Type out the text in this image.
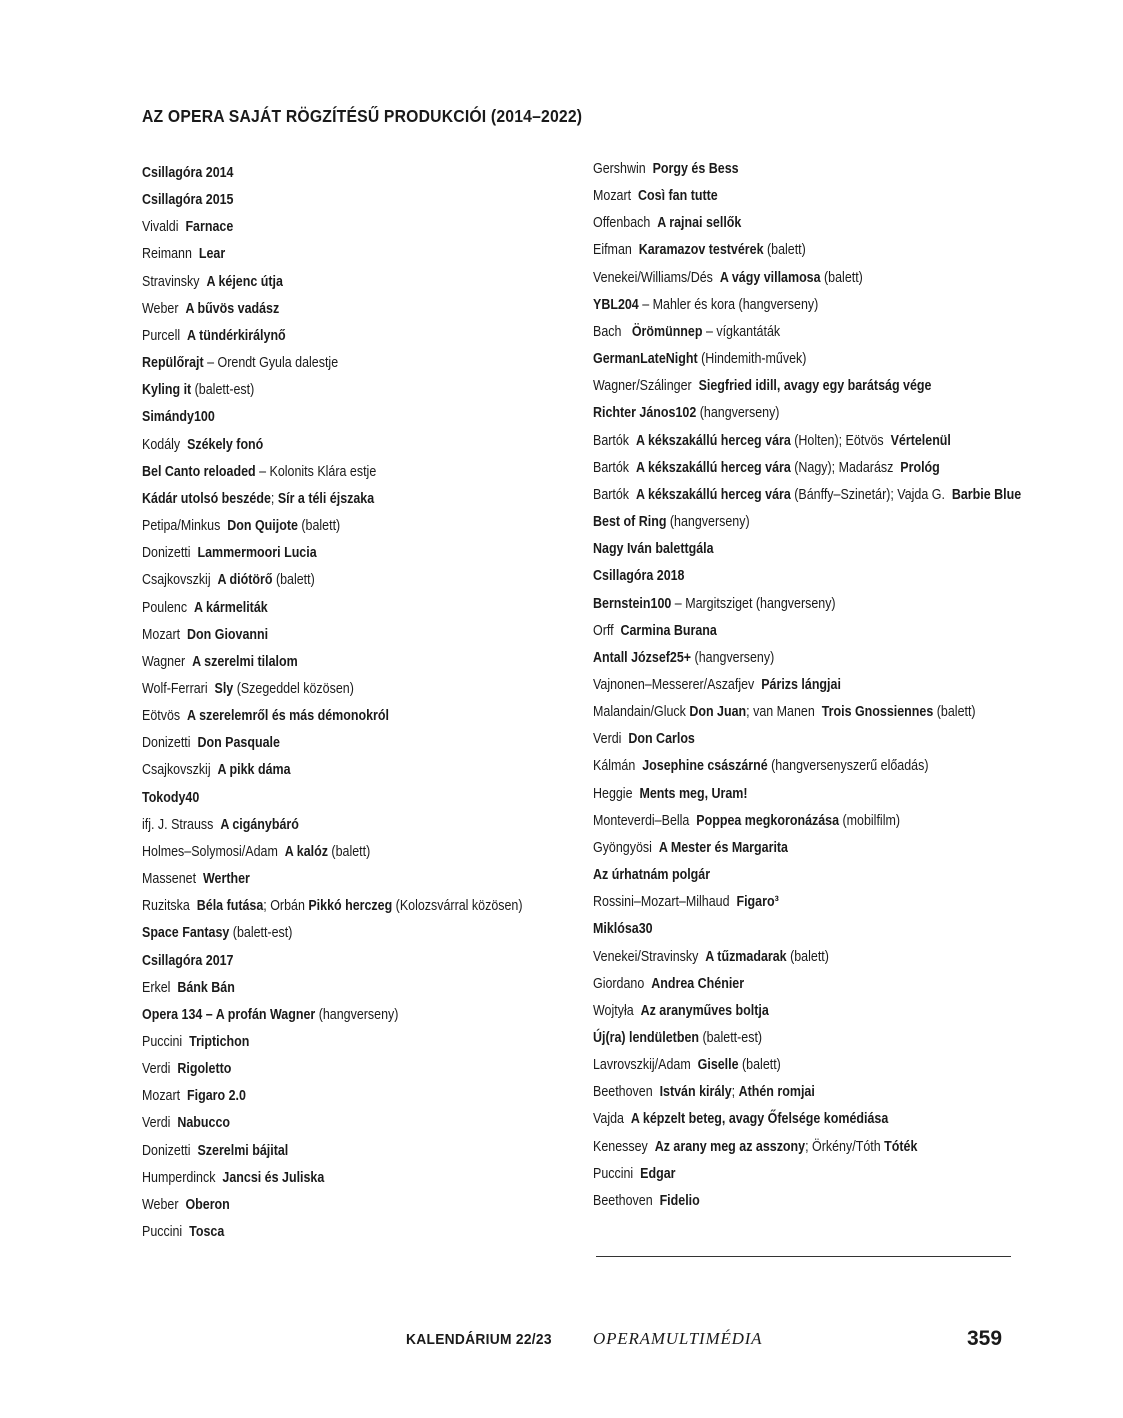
AZ OPERA SAJÁT RÖGZÍTÉSŰ PRODUKCIÓI (2014–2022)
Csillagóra 2014
Csillagóra 2015
Vivaldi  Farnace
Reimann  Lear
Stravinsky  A kéjenc útja
Weber  A bűvös vadász
Purcell  A tündérkirálynő
Repülőrajt – Orendt Gyula dalestje
Kyling it (balett-est)
Simándy100
Kodály  Székely fonó
Bel Canto reloaded – Kolonits Klára estje
Kádár utolsó beszéde; Sír a téli éjszaka
Petipa/Minkus  Don Quijote (balett)
Donizetti  Lammermoori Lucia
Csajkovszkij  A diótörő (balett)
Poulenc  A kármeliták
Mozart  Don Giovanni
Wagner  A szerelmi tilalom
Wolf-Ferrari  Sly (Szegeddel közösen)
Eötvös  A szerelemről és más démonokról
Donizetti  Don Pasquale
Csajkovszkij  A pikk dáma
Tokody40
ifj. J. Strauss  A cigánybáró
Holmes–Solymosi/Adam  A kalóz (balett)
Massenet  Werther
Ruzitska  Béla futása; Orbán Pikkó herczeg (Kolozsvárral közösen)
Space Fantasy (balett-est)
Csillagóra 2017
Erkel  Bánk Bán
Opera 134 – A profán Wagner (hangverseny)
Puccini  Triptichon
Verdi  Rigoletto
Mozart  Figaro 2.0
Verdi  Nabucco
Donizetti  Szerelmi bájital
Humperdinck  Jancsi és Juliska
Weber  Oberon
Puccini  Tosca
Gershwin  Porgy és Bess
Mozart  Così fan tutte
Offenbach  A rajnai sellők
Eifman  Karamazov testvérek (balett)
Venekei/Williams/Dés  A vágy villamosa (balett)
YBL204 – Mahler és kora (hangverseny)
Bach   Örömünnep – vígkantáták
GermanLateNight (Hindemith-művek)
Wagner/Szálinger  Siegfried idill, avagy egy barátság vége
Richter János102 (hangverseny)
Bartók  A kékszakállú herceg vára (Holten); Eötvös  Vértelenül
Bartók  A kékszakállú herceg vára (Nagy); Madarász  Prológ
Bartók  A kékszakállú herceg vára (Bánffy–Szinetár); Vajda G.  Barbie Blue
Best of Ring (hangverseny)
Nagy Iván balettgála
Csillagóra 2018
Bernstein100 – Margitsziget (hangverseny)
Orff  Carmina Burana
Antall József25+ (hangverseny)
Vajnonen–Messerer/Aszafjev  Párizs lángjai
Malandain/Gluck Don Juan; van Manen  Trois Gnossiennes (balett)
Verdi  Don Carlos
Kálmán  Josephine császárné (hangversenyszerű előadás)
Heggie  Ments meg, Uram!
Monteverdi–Bella  Poppea megkoronázása (mobilfilm)
Gyöngyösi  A Mester és Margarita
Az úrhatnám polgár
Rossini–Mozart–Milhaud  Figaro³
Miklósa30
Venekei/Stravinsky  A tűzmadarak (balett)
Giordano  Andrea Chénier
Wojtyła  Az aranyműves boltja
Új(ra) lendületben (balett-est)
Lavrovszkij/Adam  Giselle (balett)
Beethoven  István király; Athén romjai
Vajda  A képzelt beteg, avagy Őfelsége komédiása
Kenessey  Az arany meg az asszony; Örkény/Tóth Tóték
Puccini  Edgar
Beethoven  Fidelio
KALENDÁRIUM 22/23 OPERAMULTIMÉDIA	359
